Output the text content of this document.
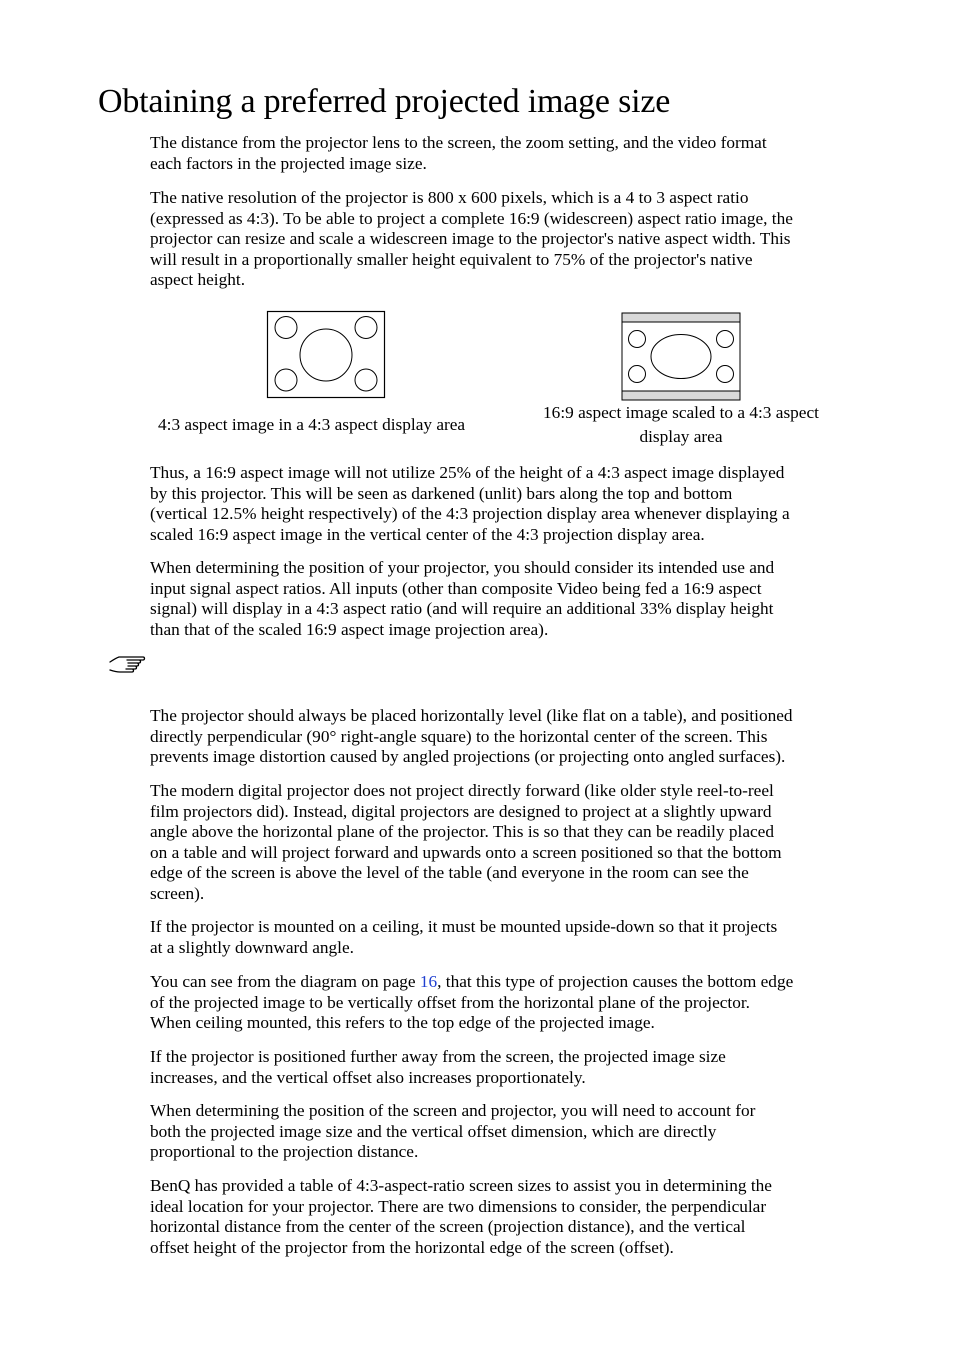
Obtaining a preferred projected image size
The distance from the projector lens to the screen, the zoom setting, and the video format
each factors in the projected image size.
The native resolution of the projector is 800 x 600 pixels, which is a 4 to 3 aspect ratio
(expressed as 4:3). To be able to project a complete 16:9 (widescreen) aspect ratio image, the
projector can resize and scale a widescreen image to the projector's native aspect width. This
will result in a proportionally smaller height equivalent to 75% of the projector's native
aspect height.
4:3 aspect image in a 4:3 aspect display area
16:9 aspect image scaled to a 4:3 aspect
display area
Thus, a 16:9 aspect image will not utilize 25% of the height of a 4:3 aspect image displayed
by this projector. This will be seen as darkened (unlit) bars along the top and bottom
(vertical 12.5% height respectively) of the 4:3 projection display area whenever displaying a
scaled 16:9 aspect image in the vertical center of the 4:3 projection display area.
When determining the position of your projector, you should consider its intended use and
input signal aspect ratios. All inputs (other than composite Video being fed a 16:9 aspect
signal) will display in a 4:3 aspect ratio (and will require an additional 33% display height
than that of the scaled 16:9 aspect image projection area).
The projector should always be placed horizontally level (like flat on a table), and positioned
directly perpendicular (90° right-angle square) to the horizontal center of the screen. This
prevents image distortion caused by angled projections (or projecting onto angled surfaces).
The modern digital projector does not project directly forward (like older style reel-to-reel
film projectors did). Instead, digital projectors are designed to project at a slightly upward
angle above the horizontal plane of the projector. This is so that they can be readily placed
on a table and will project forward and upwards onto a screen positioned so that the bottom
edge of the screen is above the level of the table (and everyone in the room can see the
screen).
If the projector is mounted on a ceiling, it must be mounted upside-down so that it projects
at a slightly downward angle.
You can see from the diagram on page 16, that this type of projection causes the bottom edge
of the projected image to be vertically offset from the horizontal plane of the projector.
When ceiling mounted, this refers to the top edge of the projected image.
If the projector is positioned further away from the screen, the projected image size
increases, and the vertical offset also increases proportionately.
When determining the position of the screen and projector, you will need to account for
both the projected image size and the vertical offset dimension, which are directly
proportional to the projection distance.
BenQ has provided a table of 4:3-aspect-ratio screen sizes to assist you in determining the
ideal location for your projector. There are two dimensions to consider, the perpendicular
horizontal distance from the center of the screen (projection distance), and the vertical
offset height of the projector from the horizontal edge of the screen (offset).
